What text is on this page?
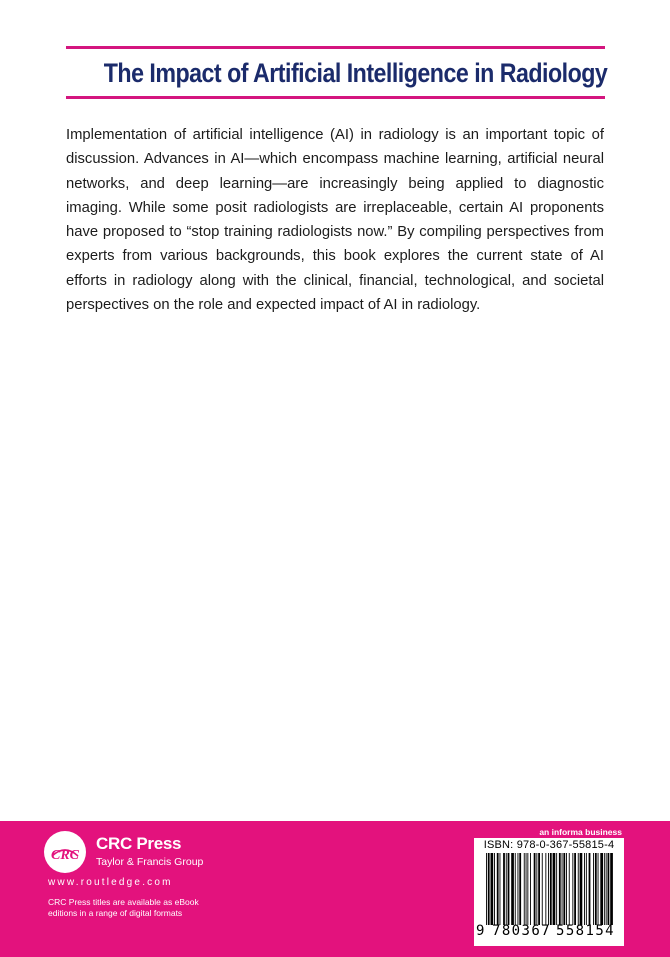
The Impact of Artificial Intelligence in Radiology

Implementation of artificial intelligence (AI) in radiology is an important topic of discussion. Advances in AI—which encompass machine learning, artificial neural networks, and deep learning—are increasingly being applied to diagnostic imaging. While some posit radiologists are irreplaceable, certain AI proponents have proposed to “stop training radiologists now.” By compiling perspectives from experts from various backgrounds, this book explores the current state of AI efforts in radiology along with the clinical, financial, technological, and societal perspectives on the role and expected impact of AI in radiology.

CRC
CRC Press
Taylor & Francis Group
www.routledge.com
CRC Press titles are available as eBook editions in a range of digital formats
an informa business
ISBN: 978-0-367-55815-4
9 780367 558154
